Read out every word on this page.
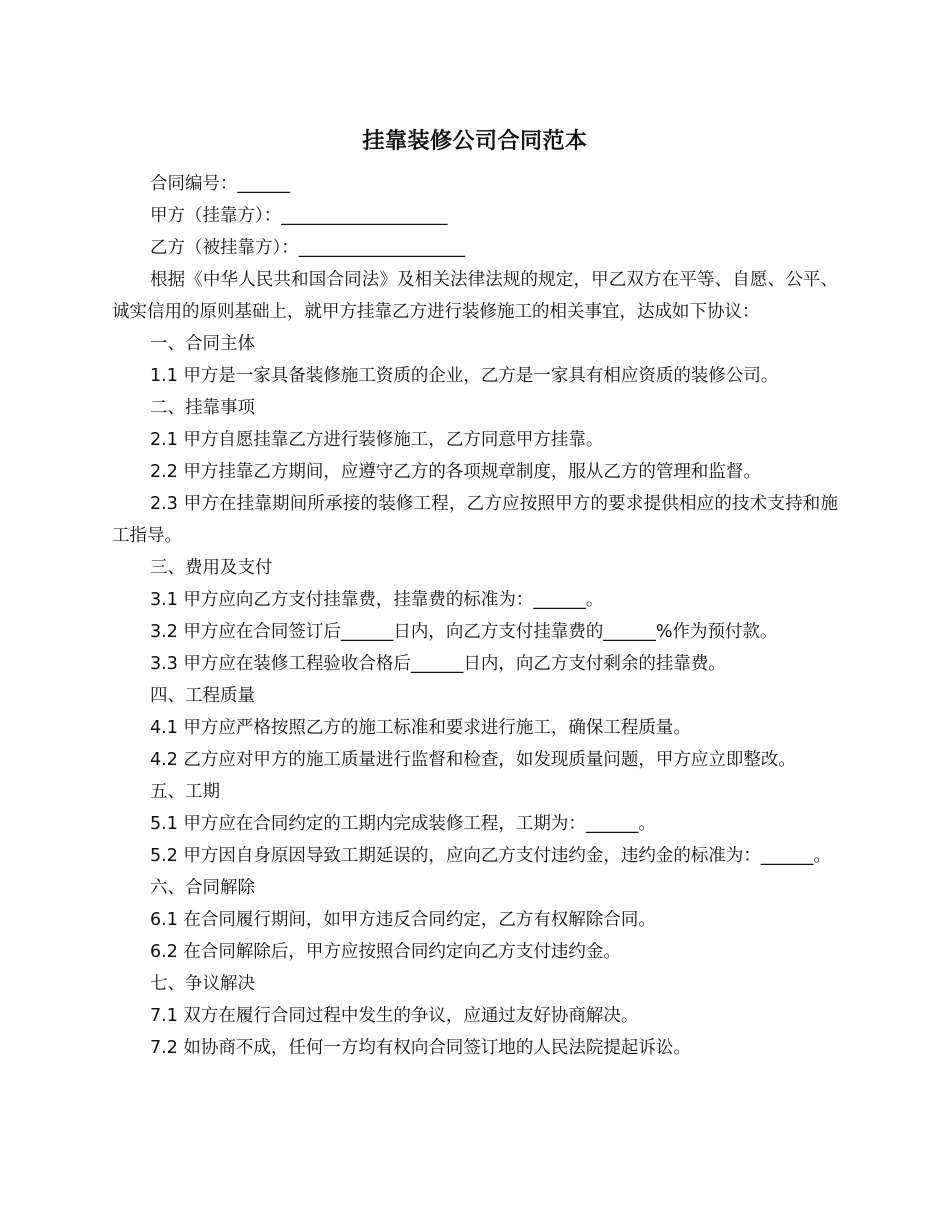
挂靠装修公司合同范本

合同编号：______

甲方（挂靠方）：___________________

乙方（被挂靠方）：___________________

根据《中华人民共和国合同法》及相关法律法规的规定，甲乙双方在平等、自愿、公平、诚实信用的原则基础上，就甲方挂靠乙方进行装修施工的相关事宜，达成如下协议：

一、合同主体

1.1 甲方是一家具备装修施工资质的企业，乙方是一家具有相应资质的装修公司。

二、挂靠事项

2.1 甲方自愿挂靠乙方进行装修施工，乙方同意甲方挂靠。

2.2 甲方挂靠乙方期间，应遵守乙方的各项规章制度，服从乙方的管理和监督。

2.3 甲方在挂靠期间所承接的装修工程，乙方应按照甲方的要求提供相应的技术支持和施工指导。

三、费用及支付

3.1 甲方应向乙方支付挂靠费，挂靠费的标准为：______。

3.2 甲方应在合同签订后______日内，向乙方支付挂靠费的______%作为预付款。

3.3 甲方应在装修工程验收合格后______日内，向乙方支付剩余的挂靠费。

四、工程质量

4.1 甲方应严格按照乙方的施工标准和要求进行施工，确保工程质量。

4.2 乙方应对甲方的施工质量进行监督和检查，如发现质量问题，甲方应立即整改。

五、工期

5.1 甲方应在合同约定的工期内完成装修工程，工期为：______。

5.2 甲方因自身原因导致工期延误的，应向乙方支付违约金，违约金的标准为：______。

六、合同解除

6.1 在合同履行期间，如甲方违反合同约定，乙方有权解除合同。

6.2 在合同解除后，甲方应按照合同约定向乙方支付违约金。

七、争议解决

7.1 双方在履行合同过程中发生的争议，应通过友好协商解决。

7.2 如协商不成，任何一方均有权向合同签订地的人民法院提起诉讼。
